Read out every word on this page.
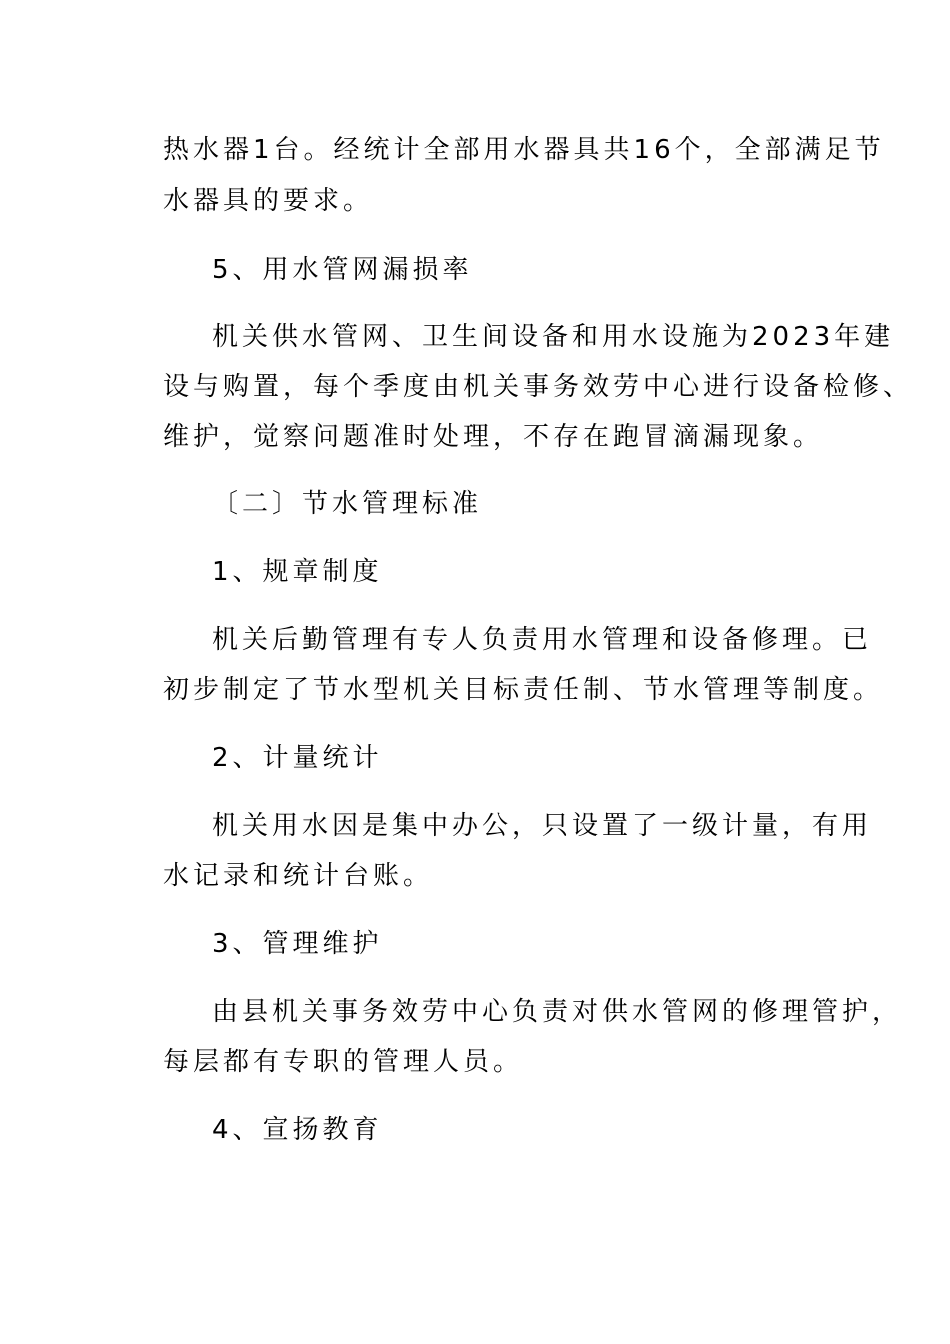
热水器1台。经统计全部用水器具共16个，全部满足节
水器具的要求。
5、用水管网漏损率
机关供水管网、卫生间设备和用水设施为2023年建
设与购置，每个季度由机关事务效劳中心进行设备检修、
维护，觉察问题准时处理，不存在跑冒滴漏现象。
〔二〕节水管理标准
1、规章制度
机关后勤管理有专人负责用水管理和设备修理。已
初步制定了节水型机关目标责任制、节水管理等制度。
2、计量统计
机关用水因是集中办公，只设置了一级计量，有用
水记录和统计台账。
3、管理维护
由县机关事务效劳中心负责对供水管网的修理管护，
每层都有专职的管理人员。
4、宣扬教育
